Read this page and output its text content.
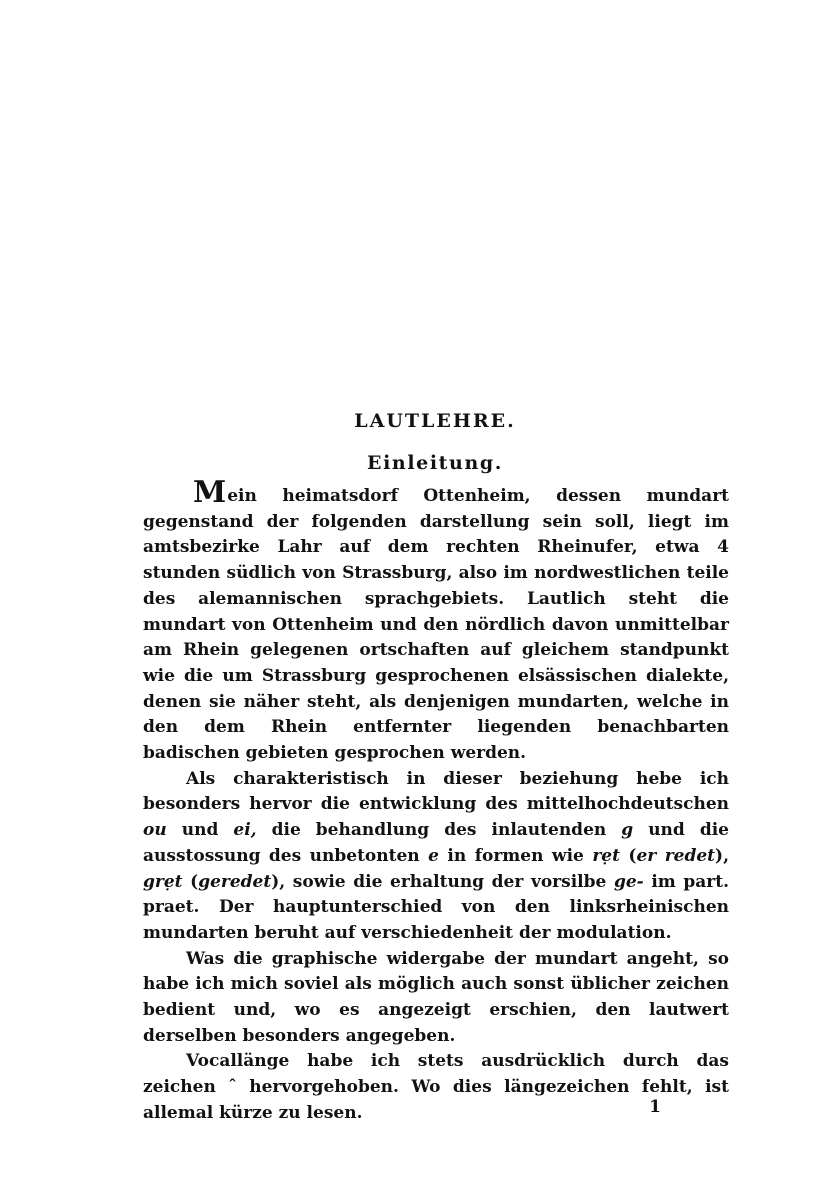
LAUTLEHRE.
Einleitung.

Mein heimatsdorf Ottenheim, dessen mundart gegenstand der folgenden darstellung sein soll, liegt im amtsbezirke Lahr auf dem rechten Rheinufer, etwa 4 stunden südlich von Strassburg, also im nordwestlichen teile des alemannischen sprachgebiets. Lautlich steht die mundart von Ottenheim und den nördlich davon unmittelbar am Rhein gelegenen ortschaften auf gleichem standpunkt wie die um Strassburg gesprochenen elsässischen dialekte, denen sie näher steht, als denjenigen mundarten, welche in den dem Rhein entfernter liegenden benachbarten badischen gebieten gesprochen werden.

Als charakteristisch in dieser beziehung hebe ich besonders hervor die entwicklung des mittelhochdeutschen ou und ei, die behandlung des inlautenden g und die ausstossung des unbetonten e in formen wie rẹt (er redet), grẹt (geredet), sowie die erhaltung der vorsilbe ge- im part. praet. Der hauptunterschied von den linksrheinischen mundarten beruht auf verschiedenheit der modulation.

Was die graphische widergabe der mundart angeht, so habe ich mich soviel als möglich auch sonst üblicher zeichen bedient und, wo es angezeigt erschien, den lautwert derselben besonders angegeben.

Vocallänge habe ich stets ausdrücklich durch das zeichen ˆ hervorgehoben. Wo dies längezeichen fehlt, ist allemal kürze zu lesen.	1
